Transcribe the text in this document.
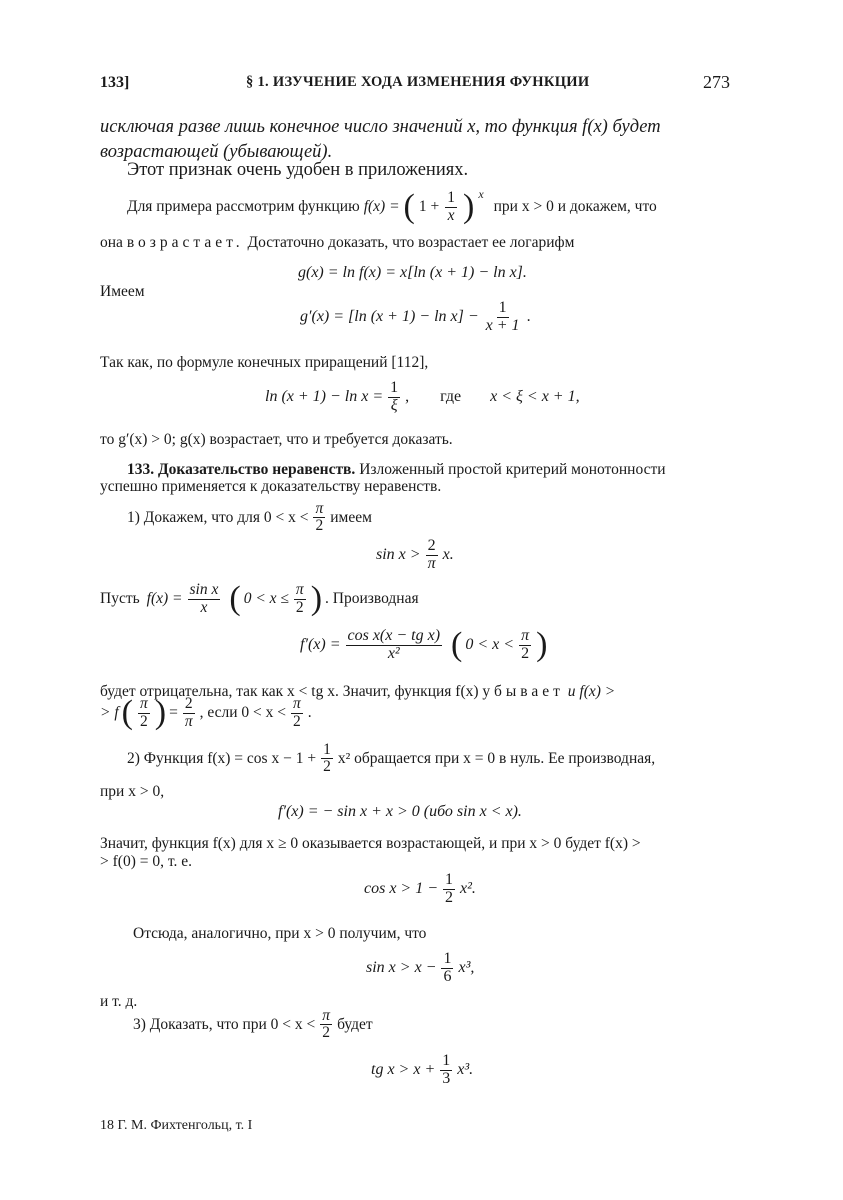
133]	§ 1. ИЗУЧЕНИЕ ХОДА ИЗМЕНЕНИЯ ФУНКЦИИ	273
исключая разве лишь конечное число значений x, то функция f(x) будет
возрастающей (убывающей).
Этот признак очень удобен в приложениях.
Для примера рассмотрим функцию f(x) = ( $1 + \frac{1}{x}$ ) x
при x > 0 и докажем, что
она возрастает. Достаточно доказать, что возрастает ее логарифм
g(x) = ln f(x) = x[ln (x + 1) − ln x].
Имеем
g′(x) = [ln $(x + 1) - \ln x] - \frac{1}{x + 1}$ .
Так как, по формуле конечных приращений [112],
$\ln (x + 1) - \ln x = \frac{1}{\xi}$ , где x < ξ < x + 1,
то g′(x) > 0; g(x) возрастает, что и требуется доказать.
133. Доказательство неравенств. Изложенный простой критерий монотонности
успешно применяется к доказательству неравенств.
1) Докажем, что для $0 < x < \frac{\pi}{2}$ имеем
$\sin x > \frac{2}{\pi} x$.
Пусть $f(x) = \frac{\text{sin x}}{x}$ ( $0 < x \le \frac{\pi}{2}$ ) . Производная
$f'(x) = \frac{\text{cos x(x − tg x)}}{\text{x²}}$ ( $0 < x < \frac{\pi}{2}$ )
будет отрицательна, так как x < tg x. Значит, функция f(x) убывает и f(x) >
> f ( $\frac{\pi}{2}$ ) = $\frac{2}{\pi}$ , если $0 < x < \frac{\pi}{2}$ .
2) Функция $f(x) = \cos x - 1 + \frac{1}{2} x^2$ обращается при x = 0 в нуль. Ее производная,
при x > 0,
f′(x) = − sin x + x > 0 (ибо sin x < x).
Значит, функция f(x) для x ≥ 0 оказывается возрастающей, и при x > 0 будет f(x) >
> f(0) = 0, т. е.
$\cos x > 1 - \frac{1}{2} x^2$.
Отсюда, аналогично, при x > 0 получим, что
$\sin x > x - \frac{1}{6} x^3$,
и т. д.
3) Доказать, что при $0 < x < \frac{\pi}{2}$ будет
tg $x > x + \frac{1}{3} x^3$.
18 Г. М. Фихтенгольц, т. I
